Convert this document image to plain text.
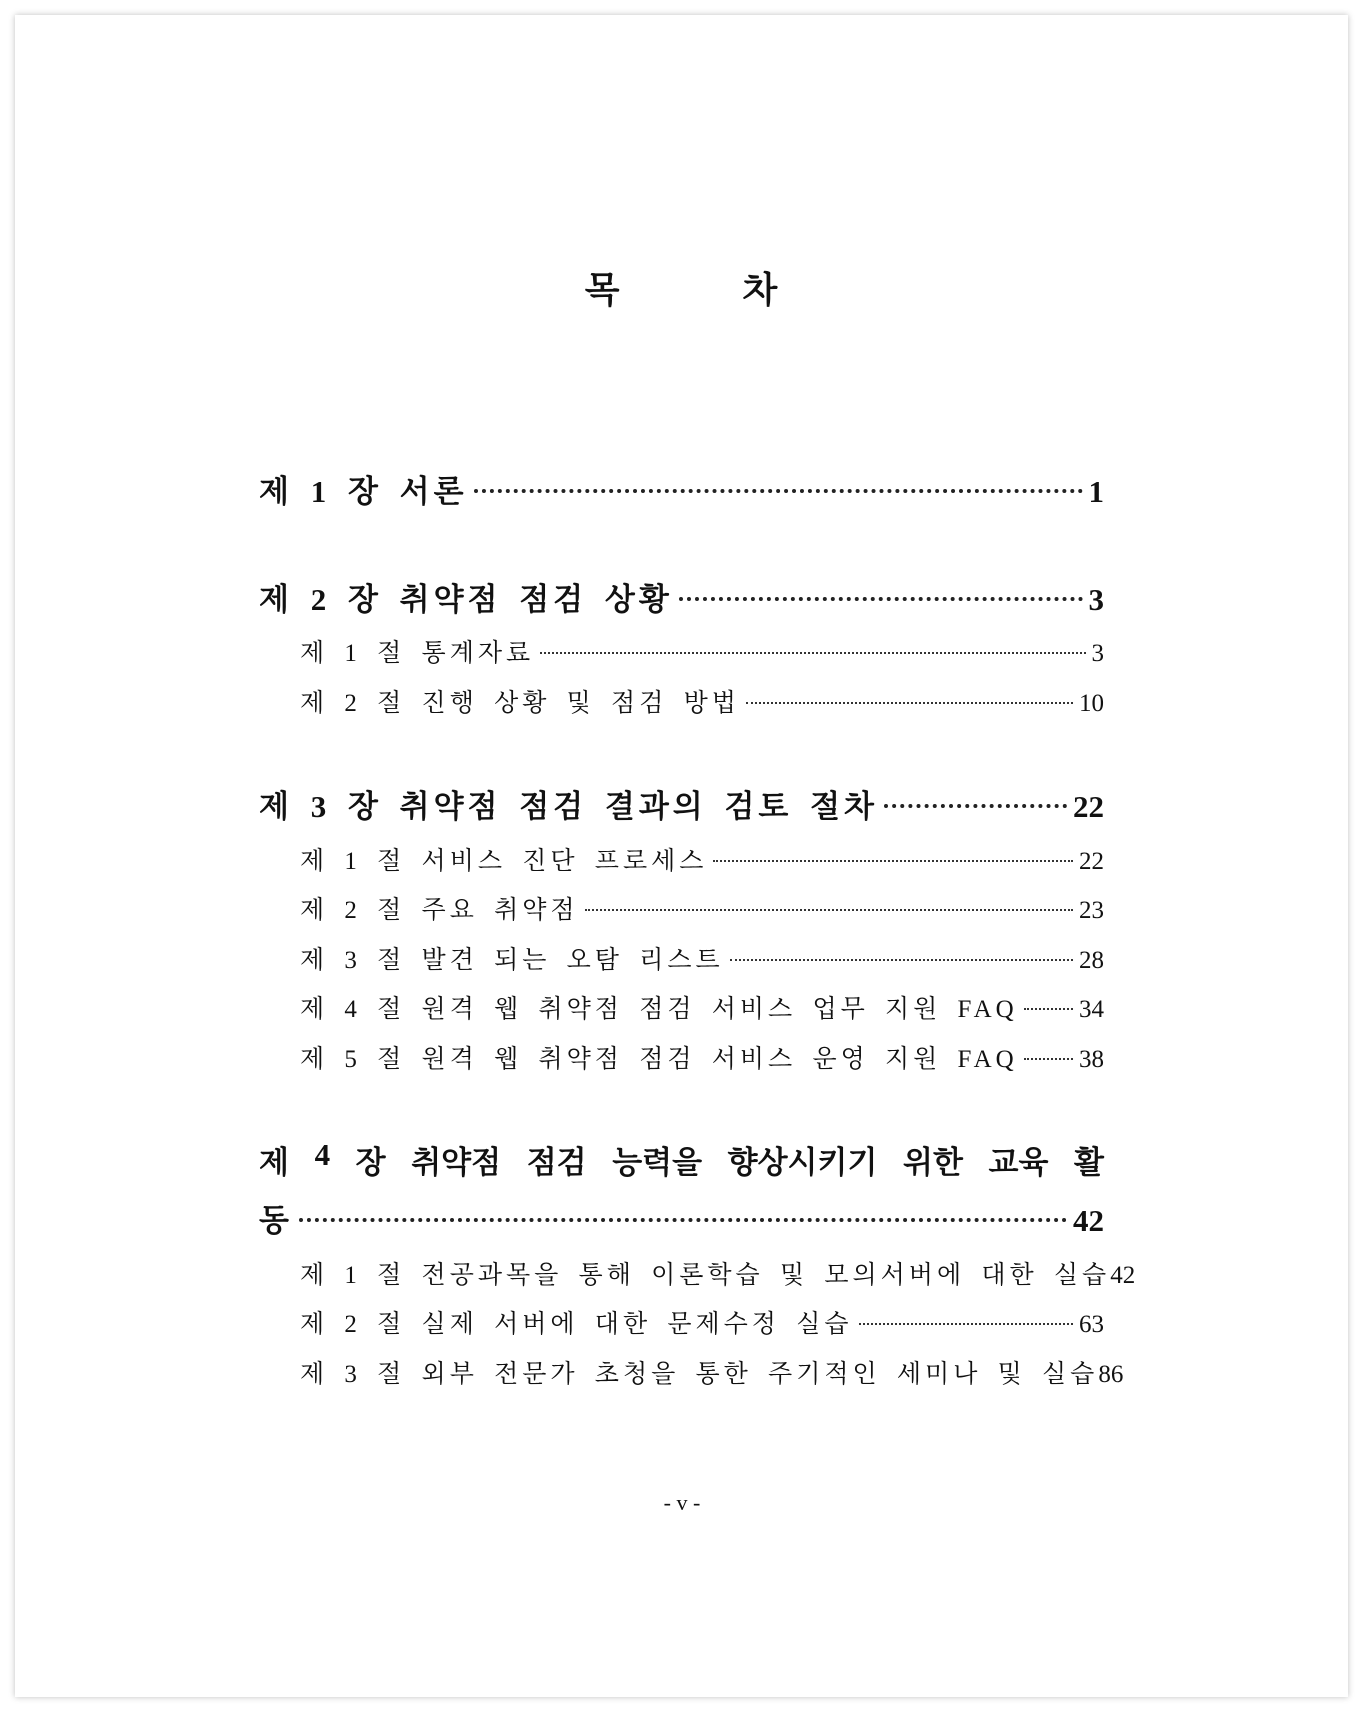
목 차
제 1 장 서론	1
제 2 장 취약점 점검 상황	3
제 1 절 통계자료	3
제 2 절 진행 상황 및 점검 방법	10
제 3 장 취약점 점검 결과의 검토 절차	22
제 1 절 서비스 진단 프로세스	22
제 2 절 주요 취약점	23
제 3 절 발견 되는 오탐 리스트	28
제 4 절 원격 웹 취약점 점검 서비스 업무 지원 FAQ 34
제 5 절 원격 웹 취약점 점검 서비스 운영 지원 FAQ 38
제 4 장 취약점 점검 능력을 향상시키기 위한 교육 활
동	42
제 1 절 전공과목을 통해 이론학습 및 모의서버에 대한 실습 42
제 2 절 실제 서버에 대한 문제수정 실습	63
제 3 절 외부 전문가 초청을 통한 주기적인 세미나 및 실습 86
- v -
